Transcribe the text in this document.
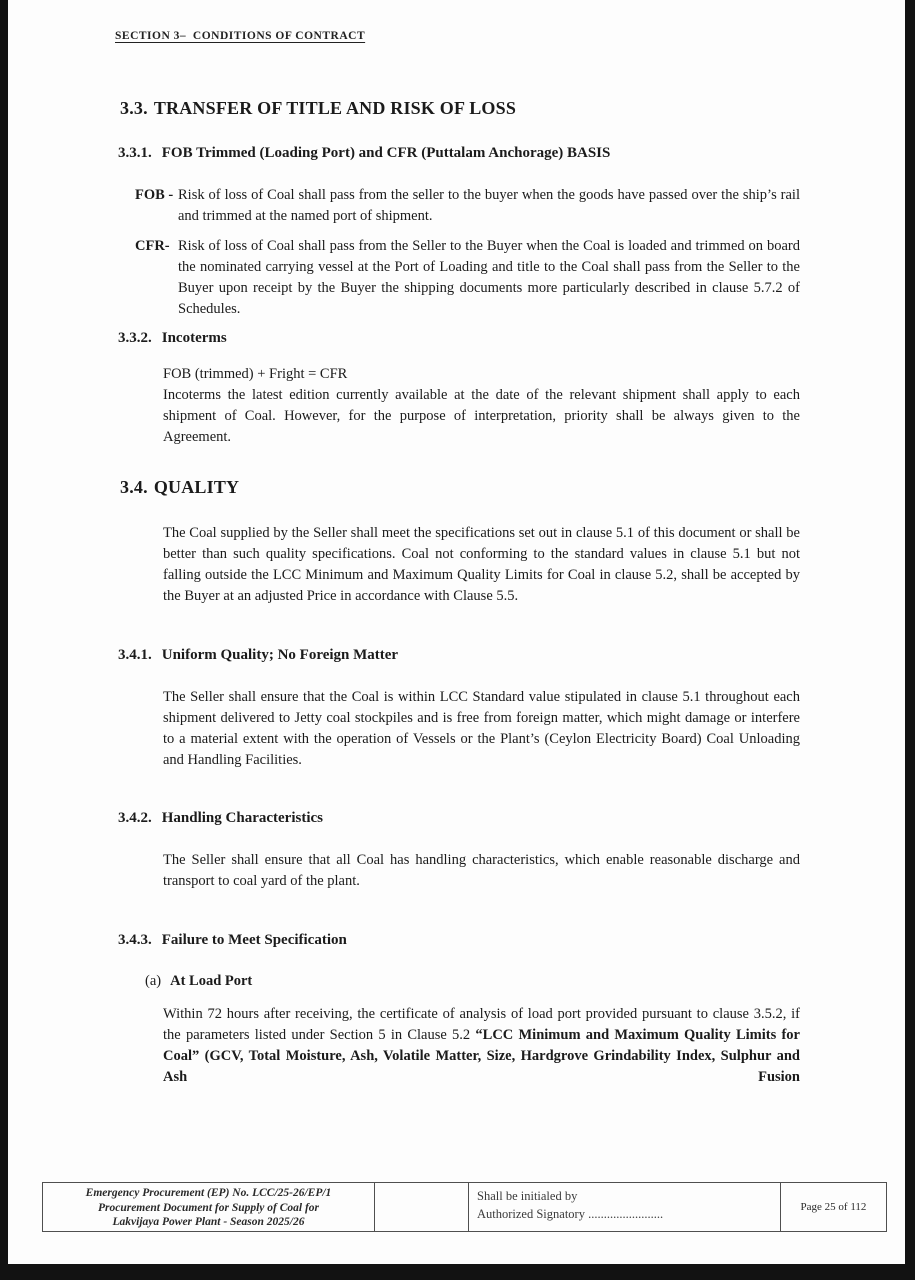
SECTION 3–  CONDITIONS OF CONTRACT
3.3. TRANSFER OF TITLE AND RISK OF LOSS
3.3.1. FOB Trimmed (Loading Port) and CFR (Puttalam Anchorage) BASIS
FOB - Risk of loss of Coal shall pass from the seller to the buyer when the goods have passed over the ship’s rail and trimmed at the named port of shipment.
CFR- Risk of loss of Coal shall pass from the Seller to the Buyer when the Coal is loaded and trimmed on board the nominated carrying vessel at the Port of Loading and title to the Coal shall pass from the Seller to the Buyer upon receipt by the Buyer the shipping documents more particularly described in clause 5.7.2 of Schedules.
3.3.2. Incoterms
FOB (trimmed) + Fright = CFR

Incoterms the latest edition currently available at the date of the relevant shipment shall apply to each shipment of Coal. However, for the purpose of interpretation, priority shall be always given to the Agreement.

3.4. QUALITY

The Coal supplied by the Seller shall meet the specifications set out in clause 5.1 of this document or shall be better than such quality specifications. Coal not conforming to the standard values in clause 5.1 but not falling outside the LCC Minimum and Maximum Quality Limits for Coal in clause 5.2, shall be accepted by the Buyer at an adjusted Price in accordance with Clause 5.5.

3.4.1. Uniform Quality; No Foreign Matter

The Seller shall ensure that the Coal is within LCC Standard value stipulated in clause 5.1 throughout each shipment delivered to Jetty coal stockpiles and is free from foreign matter, which might damage or interfere to a material extent with the operation of Vessels or the Plant’s (Ceylon Electricity Board) Coal Unloading and Handling Facilities.

3.4.2. Handling Characteristics

The Seller shall ensure that all Coal has handling characteristics, which enable reasonable discharge and transport to coal yard of the plant.

3.4.3. Failure to Meet Specification
(a) At Load Port

Within 72 hours after receiving, the certificate of analysis of load port provided pursuant to clause 3.5.2, if the parameters listed under Section 5 in Clause 5.2 “LCC Minimum and Maximum Quality Limits for Coal” (GCV, Total Moisture, Ash, Volatile Matter, Size, Hardgrove Grindability Index, Sulphur and Ash Fusion

Emergency Procurement (EP) No. LCC/25-26/EP/1
Procurement Document for Supply of Coal for
Lakvijaya Power Plant - Season 2025/26
Shall be initialed by
Authorized Signatory ........................	Page 25 of 112
